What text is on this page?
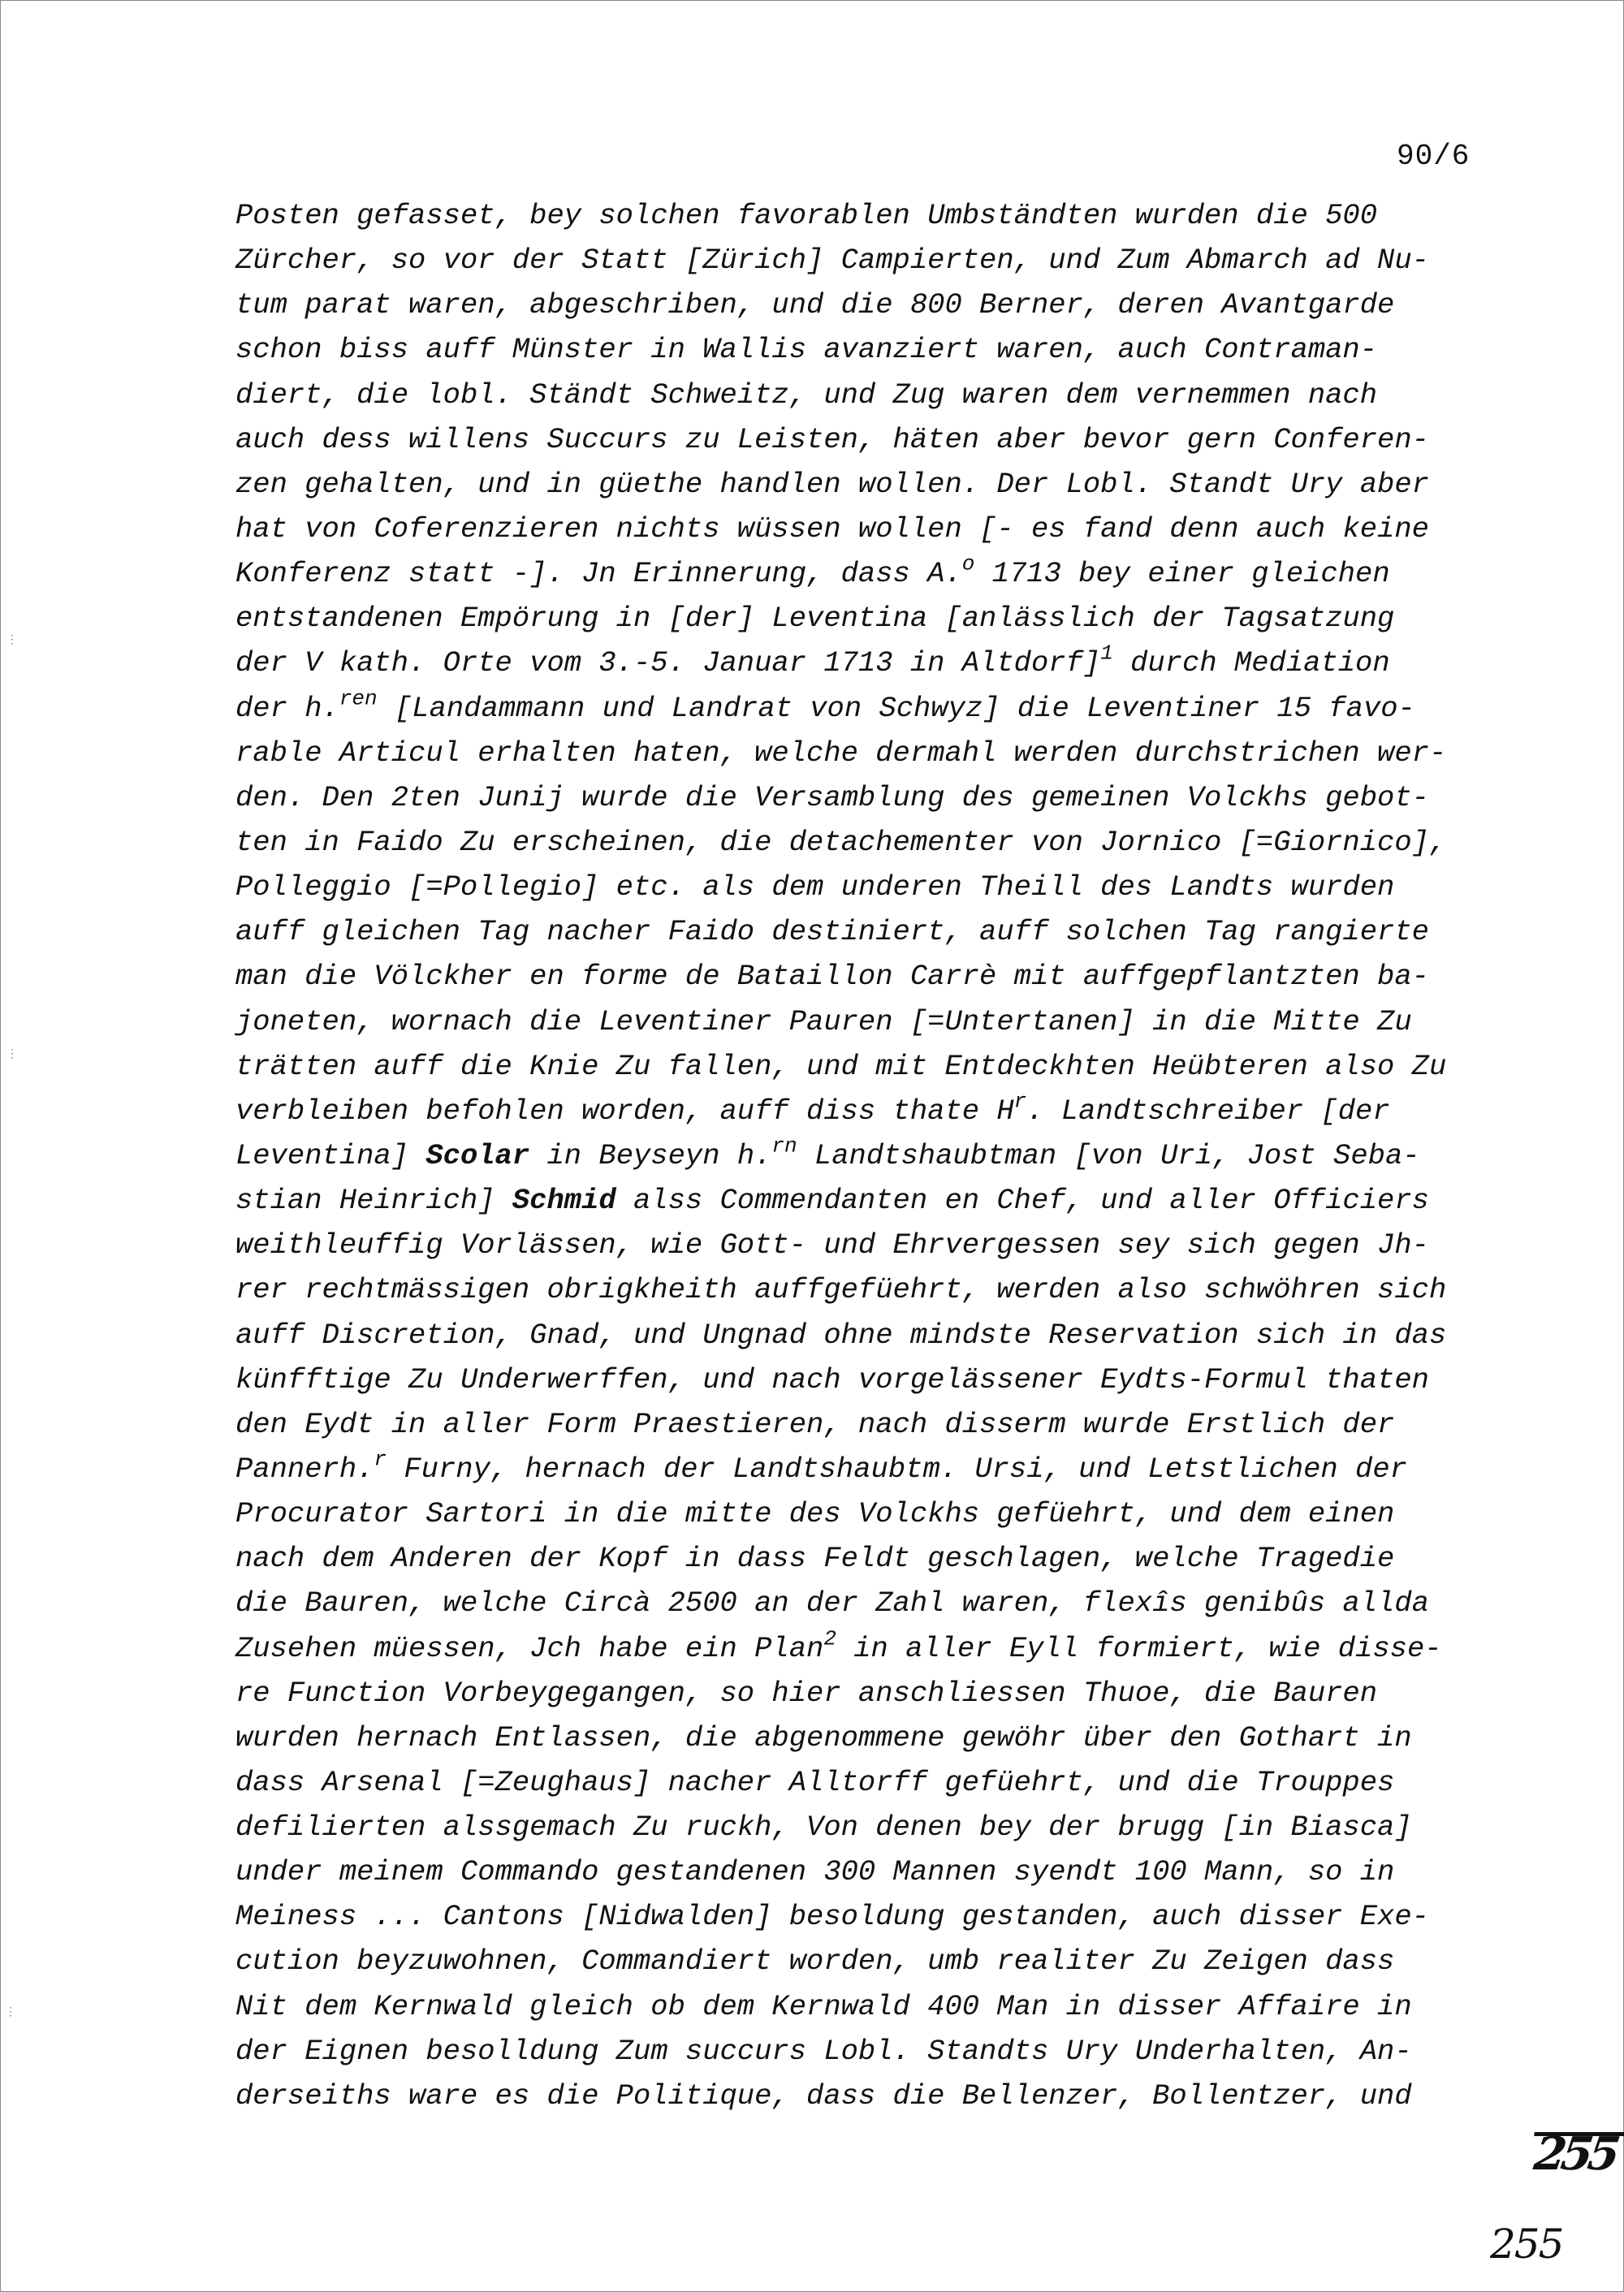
90/6
Posten gefasset, bey solchen favorablen Umbständten wurden die 500
Zürcher, so vor der Statt [Zürich] Campierten, und Zum Abmarch ad Nu-
tum parat waren, abgeschriben, und die 800 Berner, deren Avantgarde
schon biss auff Münster in Wallis avanziert waren, auch Contraman-
diert, die lobl. Ständt Schweitz, und Zug waren dem vernemmen nach
auch dess willens Succurs zu Leisten, häten aber bevor gern Conferen-
zen gehalten, und in güethe handlen wollen. Der Lobl. Standt Ury aber
hat von Coferenzieren nichts wüssen wollen [- es fand denn auch keine
Konferenz statt -]. Jn Erinnerung, dass A.$^o$ 1713 bey einer gleichen
entstandenen Empörung in [der] Leventina [anlässlich der Tagsatzung
der V kath. Orte vom 3.-5. Januar 1713 in Altdorf]$^1$ durch Mediation
der h.$^{ren}$ [Landammann und Landrat von Schwyz] die Leventiner 15 favo-
rable Articul erhalten haten, welche dermahl werden durchstrichen wer-
den. Den 2ten Junij wurde die Versamblung des gemeinen Volckhs gebot-
ten in Faido Zu erscheinen, die detachementer von Jornico [=Giornico],
Polleggio [=Pollegio] etc. als dem underen Theill des Landts wurden
auff gleichen Tag nacher Faido destiniert, auff solchen Tag rangierte
man die Völckher en forme de Bataillon Carrè mit auffgepflantzten ba-
joneten, wornach die Leventiner Pauren [=Untertanen] in die Mitte Zu
trätten auff die Knie Zu fallen, und mit Entdeckhten Heübteren also Zu
verbleiben befohlen worden, auff diss thate $H^r$. Landtschreiber [der
Leventina] Scolar in Beyseyn h.$^{rn}$ Landtshaubtman [von Uri, Jost Seba-
stian Heinrich] Schmid alss Commendanten en Chef, und aller Officiers
weithleuffig Vorlässen, wie Gott- und Ehrvergessen sey sich gegen Jh-
rer rechtmässigen obrigkheith auffgefüehrt, werden also schwöhren sich
auff Discretion, Gnad, und Ungnad ohne mindste Reservation sich in das
künfftige Zu Underwerffen, und nach vorgelässener Eydts-Formul thaten
den Eydt in aller Form Praestieren, nach disserm wurde Erstlich der
Pannerh.$^r$ Furny, hernach der Landtshaubtm. Ursi, und Letstlichen der
Procurator Sartori in die mitte des Volckhs gefüehrt, und dem einen
nach dem Anderen der Kopf in dass Feldt geschlagen, welche Tragedie
die Bauren, welche Circà 2500 an der Zahl waren, flexîs genibûs allda
Zusehen müessen, Jch habe ein Plan$^2$ in aller Eyll formiert, wie disse-
re Function Vorbeygegangen, so hier anschliessen Thuoe, die Bauren
wurden hernach Entlassen, die abgenommene gewöhr über den Gothart in
dass Arsenal [=Zeughaus] nacher Alltorff gefüehrt, und die Trouppes
defilierten alssgemach Zu ruckh, Von denen bey der brugg [in Biasca]
under meinem Commando gestandenen 300 Mannen syendt 100 Mann, so in
Meiness ... Cantons [Nidwalden] besoldung gestanden, auch disser Exe-
cution beyzuwohnen, Commandiert worden, umb realiter Zu Zeigen dass
Nit dem Kernwald gleich ob dem Kernwald 400 Man in disser Affaire in
der Eignen besolldung Zum succurs Lobl. Standts Ury Underhalten, An-
derseiths ware es die Politique, dass die Bellenzer, Bollentzer, und
255
255
⋮
⋮
⋮
